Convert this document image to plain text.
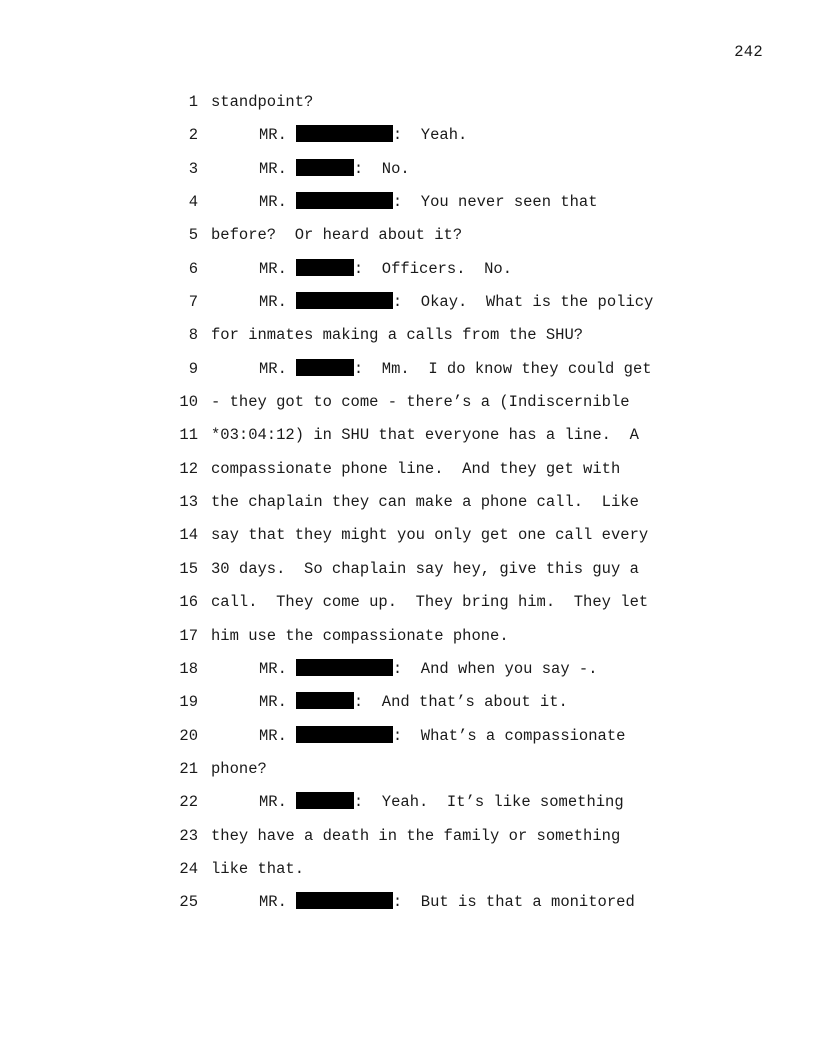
242
1 standpoint?
2	MR.	:  Yeah.
3	MR.	:  No.
4	MR.	:  You never seen that
5 before?  Or heard about it?
6	MR.	:  Officers.  No.
7	MR.	:  Okay.  What is the policy
8 for inmates making a calls from the SHU?
9	MR.	:  Mm.  I do know they could get
10 - they got to come - there’s a (Indiscernible
11 *03:04:12) in SHU that everyone has a line.  A
12 compassionate phone line.  And they get with
13 the chaplain they can make a phone call.  Like
14 say that they might you only get one call every
15 30 days.  So chaplain say hey, give this guy a
16 call.  They come up.  They bring him.  They let
17 him use the compassionate phone.
18	MR.	:  And when you say -.
19	MR.	:  And that’s about it.
20	MR.	:  What’s a compassionate
21 phone?
22	MR.	:  Yeah.  It’s like something
23 they have a death in the family or something
24 like that.
25	MR.	:  But is that a monitored
